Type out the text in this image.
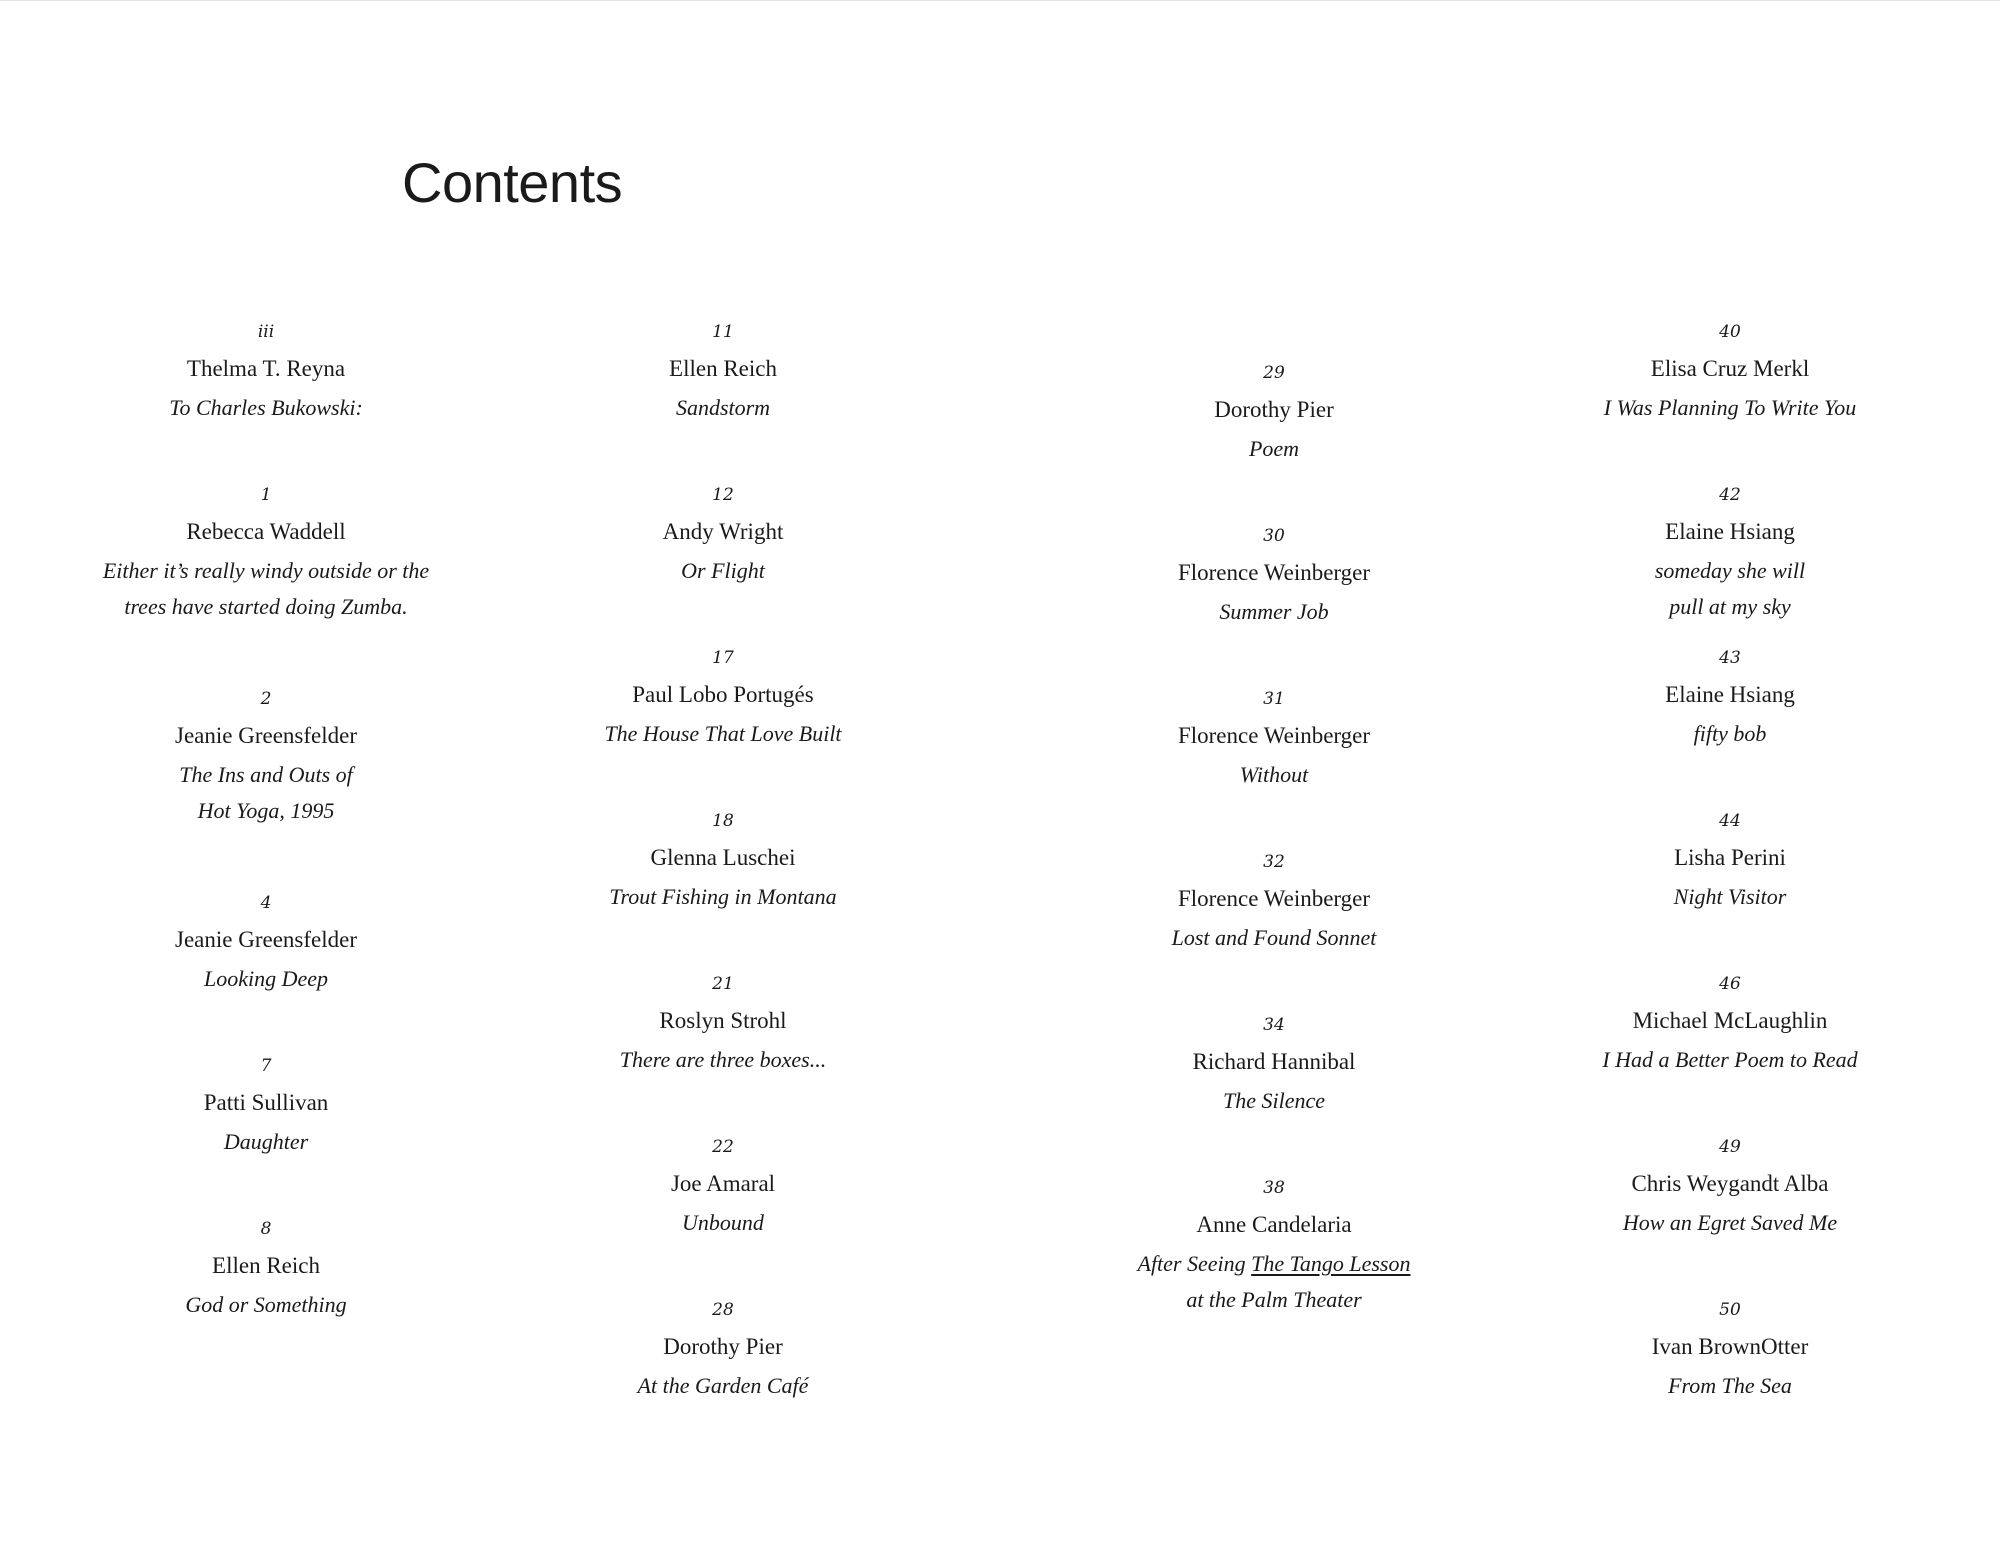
Contents
iii
Thelma T. Reyna
To Charles Bukowski:
1
Rebecca Waddell
Either it’s really windy outside or the
trees have started doing Zumba.
2
Jeanie Greensfelder
The Ins and Outs of
Hot Yoga, 1995
4
Jeanie Greensfelder
Looking Deep
7
Patti Sullivan
Daughter
8
Ellen Reich
God or Something
11
Ellen Reich
Sandstorm
12
Andy Wright
Or Flight
17
Paul Lobo Portugés
The House That Love Built
18
Glenna Luschei
Trout Fishing in Montana
21
Roslyn Strohl
There are three boxes...
22
Joe Amaral
Unbound
28
Dorothy Pier
At the Garden Café
29
Dorothy Pier
Poem
30
Florence Weinberger
Summer Job
31
Florence Weinberger
Without
32
Florence Weinberger
Lost and Found Sonnet
34
Richard Hannibal
The Silence
38
Anne Candelaria
After Seeing The Tango Lesson
at the Palm Theater
40
Elisa Cruz Merkl
I Was Planning To Write You
42
Elaine Hsiang
someday she will
pull at my sky
43
Elaine Hsiang
fifty bob
44
Lisha Perini
Night Visitor
46
Michael McLaughlin
I Had a Better Poem to Read
49
Chris Weygandt Alba
How an Egret Saved Me
50
Ivan BrownOtter
From The Sea
